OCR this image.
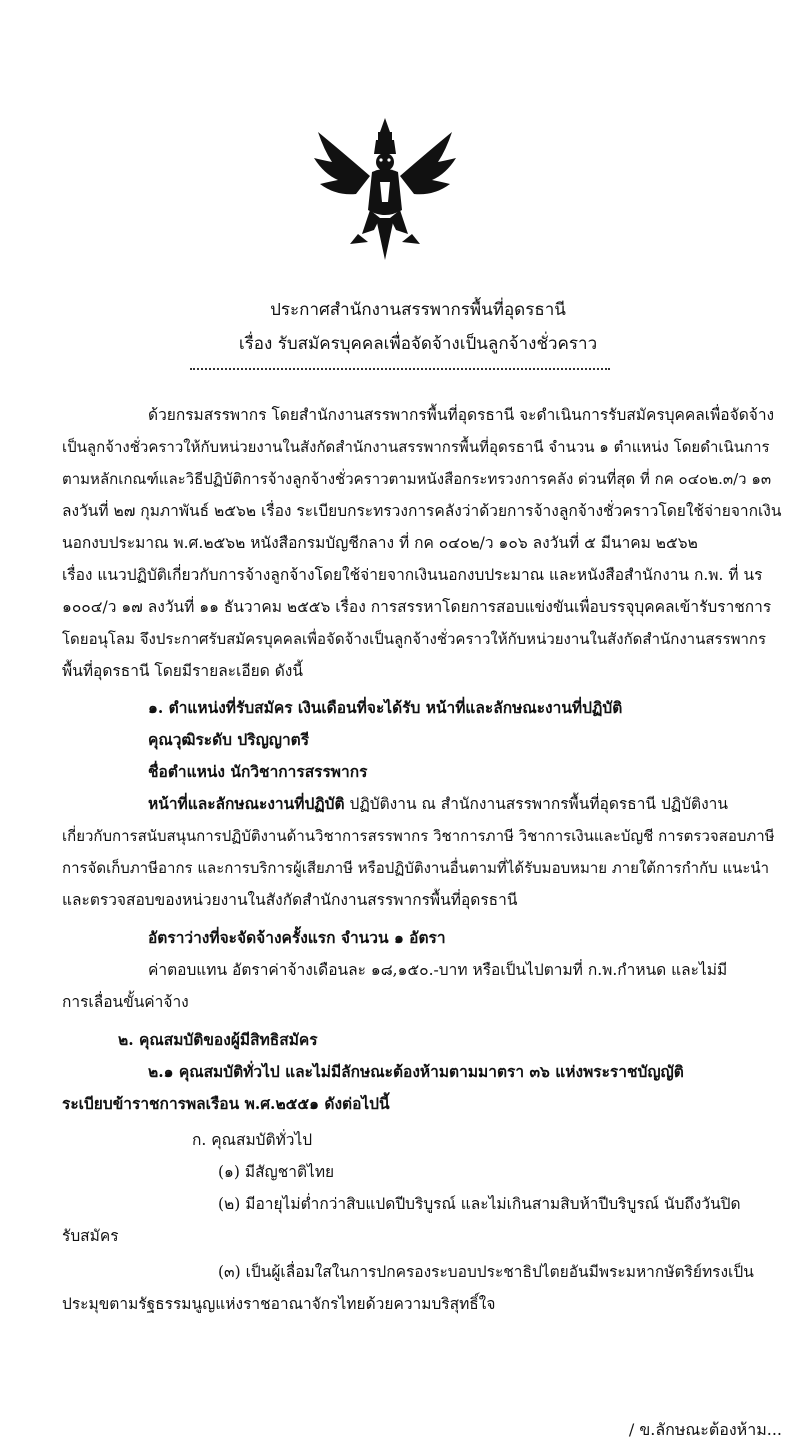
ประกาศสำนักงานสรรพากรพื้นที่อุดรธานี
เรื่อง รับสมัครบุคคลเพื่อจัดจ้างเป็นลูกจ้างชั่วคราว
ด้วยกรมสรรพากร โดยสำนักงานสรรพากรพื้นที่อุดรธานี จะดำเนินการรับสมัครบุคคลเพื่อจัดจ้าง
เป็นลูกจ้างชั่วคราวให้กับหน่วยงานในสังกัดสำนักงานสรรพากรพื้นที่อุดรธานี จำนวน ๑ ตำแหน่ง โดยดำเนินการ
ตามหลักเกณฑ์และวิธีปฏิบัติการจ้างลูกจ้างชั่วคราวตามหนังสือกระทรวงการคลัง ด่วนที่สุด ที่ กค ๐๔๐๒.๓/ว ๑๓
ลงวันที่ ๒๗ กุมภาพันธ์ ๒๕๖๒ เรื่อง ระเบียบกระทรวงการคลังว่าด้วยการจ้างลูกจ้างชั่วคราวโดยใช้จ่ายจากเงิน
นอกงบประมาณ พ.ศ.๒๕๖๒ หนังสือกรมบัญชีกลาง ที่ กค ๐๔๐๒/ว ๑๐๖ ลงวันที่ ๕ มีนาคม ๒๕๖๒
เรื่อง แนวปฏิบัติเกี่ยวกับการจ้างลูกจ้างโดยใช้จ่ายจากเงินนอกงบประมาณ และหนังสือสำนักงาน ก.พ. ที่ นร
๑๐๐๔/ว ๑๗ ลงวันที่ ๑๑ ธันวาคม ๒๕๕๖ เรื่อง การสรรหาโดยการสอบแข่งขันเพื่อบรรจุบุคคลเข้ารับราชการ
โดยอนุโลม จึงประกาศรับสมัครบุคคลเพื่อจัดจ้างเป็นลูกจ้างชั่วคราวให้กับหน่วยงานในสังกัดสำนักงานสรรพากร
พื้นที่อุดรธานี โดยมีรายละเอียด ดังนี้
๑. ตำแหน่งที่รับสมัคร เงินเดือนที่จะได้รับ หน้าที่และลักษณะงานที่ปฏิบัติ
คุณวุฒิระดับ ปริญญาตรี
ชื่อตำแหน่ง นักวิชาการสรรพากร
หน้าที่และลักษณะงานที่ปฏิบัติ ปฏิบัติงาน ณ สำนักงานสรรพากรพื้นที่อุดรธานี ปฏิบัติงาน
เกี่ยวกับการสนับสนุนการปฏิบัติงานด้านวิชาการสรรพากร วิชาการภาษี วิชาการเงินและบัญชี การตรวจสอบภาษี
การจัดเก็บภาษีอากร และการบริการผู้เสียภาษี หรือปฏิบัติงานอื่นตามที่ได้รับมอบหมาย ภายใต้การกำกับ แนะนำ
และตรวจสอบของหน่วยงานในสังกัดสำนักงานสรรพากรพื้นที่อุดรธานี
อัตราว่างที่จะจัดจ้างครั้งแรก จำนวน ๑ อัตรา
ค่าตอบแทน อัตราค่าจ้างเดือนละ ๑๘,๑๕๐.-บาท หรือเป็นไปตามที่ ก.พ.กำหนด และไม่มี
การเลื่อนขั้นค่าจ้าง
๒. คุณสมบัติของผู้มีสิทธิสมัคร
๒.๑ คุณสมบัติทั่วไป และไม่มีลักษณะต้องห้ามตามมาตรา ๓๖ แห่งพระราชบัญญัติ
ระเบียบข้าราชการพลเรือน พ.ศ.๒๕๕๑ ดังต่อไปนี้
ก. คุณสมบัติทั่วไป
(๑) มีสัญชาติไทย
(๒) มีอายุไม่ต่ำกว่าสิบแปดปีบริบูรณ์ และไม่เกินสามสิบห้าปีบริบูรณ์ นับถึงวันปิด
รับสมัคร
(๓) เป็นผู้เลื่อมใสในการปกครองระบอบประชาธิปไตยอันมีพระมหากษัตริย์ทรงเป็น
ประมุขตามรัฐธรรมนูญแห่งราชอาณาจักรไทยด้วยความบริสุทธิ์ใจ
/ ข.ลักษณะต้องห้าม...
